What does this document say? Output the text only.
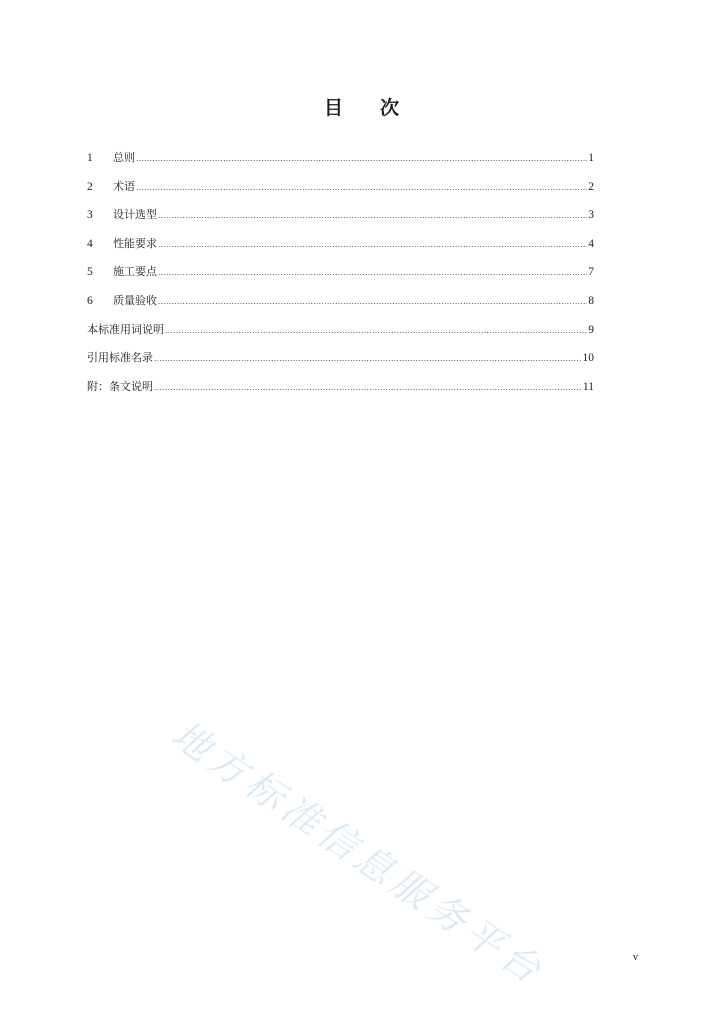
目 次
1	总则 .....	1
2	术语 .....	2
3	设计选型 .....	3
4	性能要求 .....	4
5	施工要点 .....	7
6	质量验收 .....	8
本标准用词说明 .....	9
引用标准名录 .....	10
附：条文说明 .....	11
地方标准信息服务平台	v
